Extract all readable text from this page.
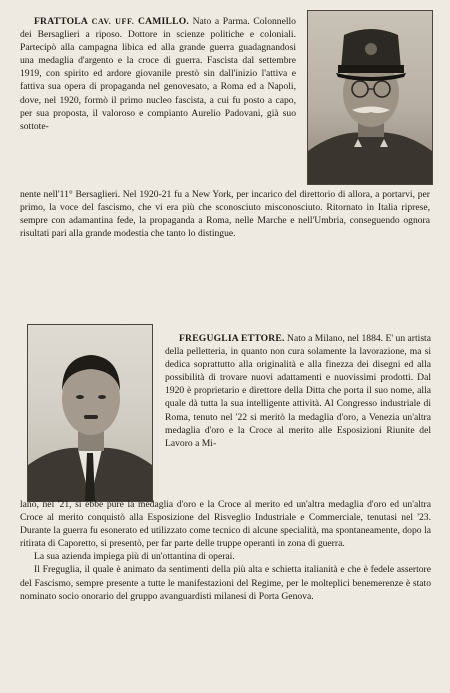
FRATTOLA CAV. UFF. CAMILLO. Nato a Parma. Colonnello dei Bersaglieri a riposo. Dottore in scienze politiche e coloniali. Partecipò alla campagna libica ed alla grande guerra guadagnandosi una medaglia d'argento e la croce di guerra. Fascista dal settembre 1919, con spirito ed ardore giovanile prestò sin dall'inizio l'attiva e fattiva sua opera di propaganda nel genovesato, a Roma ed a Napoli, dove, nel 1920, formò il primo nucleo fascista, a cui fu posto a capo, per sua proposta, il valoroso e compianto Aurelio Padovani, già suo sottote-

nente nell'11° Bersaglieri. Nel 1920-21 fu a New York, per incarico del direttorio di allora, a portarvi, per primo, la voce del fascismo, che vi era più che sconosciuto misconosciuto. Ritornato in Italia riprese, sempre con adamantina fede, la propaganda a Roma, nelle Marche e nell'Umbria, conseguendo ognora risultati pari alla grande modestia che tanto lo distingue.

FREGUGLIA ETTORE. Nato a Milano, nel 1884. E' un artista della pelletteria, in quanto non cura solamente la lavorazione, ma si dedica soprattutto alla originalità e alla finezza dei disegni ed alla possibilità di trovare nuovi adattamenti e nuovissimi prodotti. Dal 1920 è proprietario e direttore della Ditta che porta il suo nome, alla quale dà tutta la sua intelligente attività. Al Congresso industriale di Roma, tenuto nel '22 si meritò la medaglia d'oro, a Venezia un'altra medaglia d'oro e la Croce al merito alle Esposizioni Riunite del Lavoro a Mi-

lano, nel '21, si ebbe pure la medaglia d'oro e la Croce al merito ed un'altra medaglia d'oro ed un'altra Croce al merito conquistò alla Esposizione del Risveglio Industriale e Commerciale, tenutasi nel '23. Durante la guerra fu esonerato ed utilizzato come tecnico di alcune specialità, ma spontaneamente, dopo la ritirata di Caporetto, si presentò, per far parte delle truppe operanti in zona di guerra.

La sua azienda impiega più di un'ottantina di operai.

Il Freguglia, il quale è animato da sentimenti della più alta e schietta italianità e che è fedele assertore del Fascismo, sempre presente a tutte le manifestazioni del Regime, per le molteplici benemerenze è stato nominato socio onorario del gruppo avanguardisti milanesi di Porta Genova.
